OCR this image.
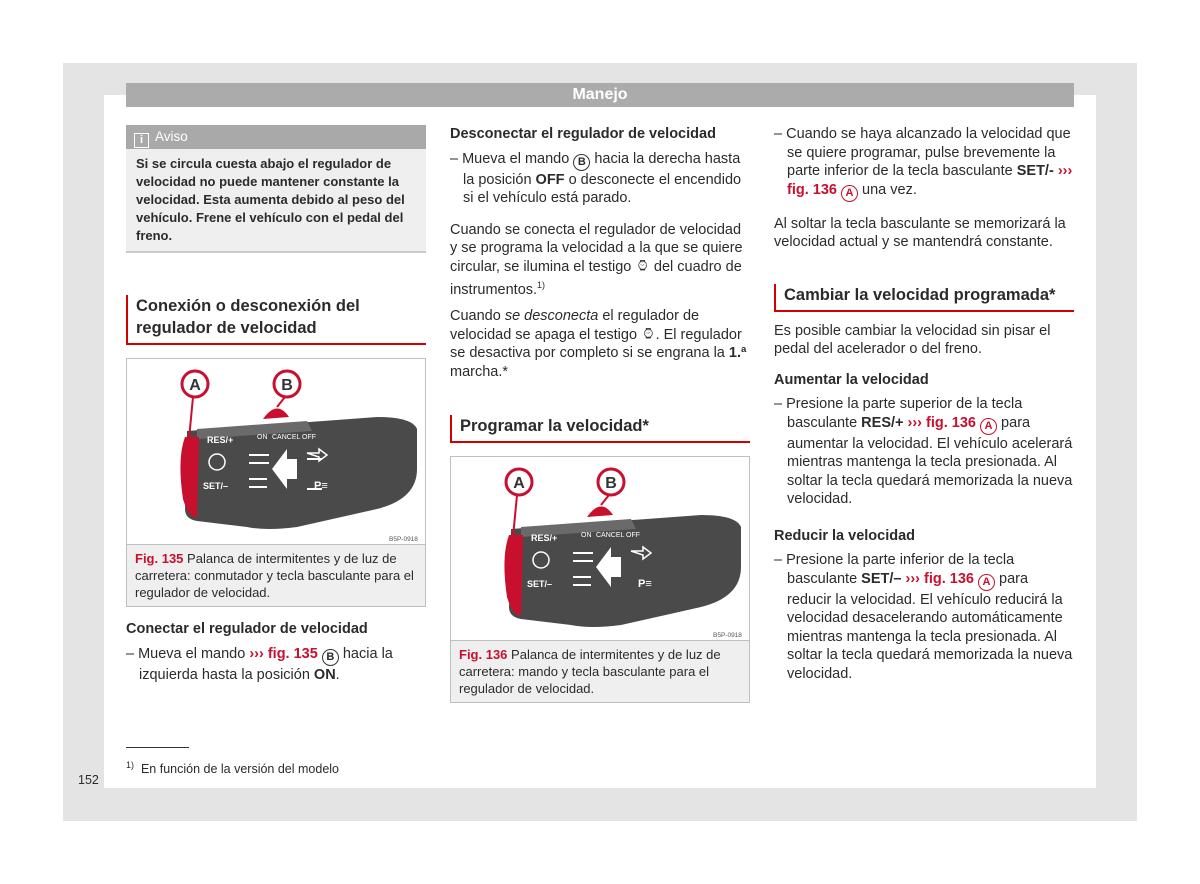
Manejo
i Aviso
Si se circula cuesta abajo el regulador de velocidad no puede mantener constante la velocidad. Esta aumenta debido al peso del vehículo. Frene el vehículo con el pedal del freno.
Conexión o desconexión del regulador de velocidad
A	B
ON CANCEL OFF
RES/+
SET/–	P≡
B5P-0918
Fig. 135 Palanca de intermitentes y de luz de carretera: conmutador y tecla basculante para el regulador de velocidad.
Conectar el regulador de velocidad
– Mueva el mando ››› fig. 135 B hacia la izquierda hasta la posición ON.
Desconectar el regulador de velocidad
– Mueva el mando B hacia la derecha hasta la posición OFF o desconecte el encendido si el vehículo está parado.
Cuando se conecta el regulador de velocidad y se programa la velocidad a la que se quiere circular, se ilumina el testigo ⌚︎ del cuadro de instrumentos.$^{1)}$
Cuando se desconecta el regulador de velocidad se apaga el testigo ⌚︎. El regulador se desactiva por completo si se engrana la 1.ª marcha.*
Programar la velocidad*
A	B
ON CANCEL OFF
RES/+
SET/–	P≡
B5P-0918
Fig. 136 Palanca de intermitentes y de luz de carretera: mando y tecla basculante para el regulador de velocidad.
– Cuando se haya alcanzado la velocidad que se quiere programar, pulse brevemente la parte inferior de la tecla basculante SET/- ››› fig. 136 A una vez.
Al soltar la tecla basculante se memorizará la velocidad actual y se mantendrá constante.
Cambiar la velocidad programada*
Es posible cambiar la velocidad sin pisar el pedal del acelerador o del freno.
Aumentar la velocidad
– Presione la parte superior de la tecla basculante RES/+ ››› fig. 136 A para aumentar la velocidad. El vehículo acelerará mientras mantenga la tecla presionada. Al soltar la tecla quedará memorizada la nueva velocidad.
Reducir la velocidad
– Presione la parte inferior de la tecla basculante SET/– ››› fig. 136 A para reducir la velocidad. El vehículo reducirá la velocidad desacelerando automáticamente mientras mantenga la tecla presionada. Al soltar la tecla quedará memorizada la nueva velocidad.
$^{1)}$ En función de la versión del modelo
152
